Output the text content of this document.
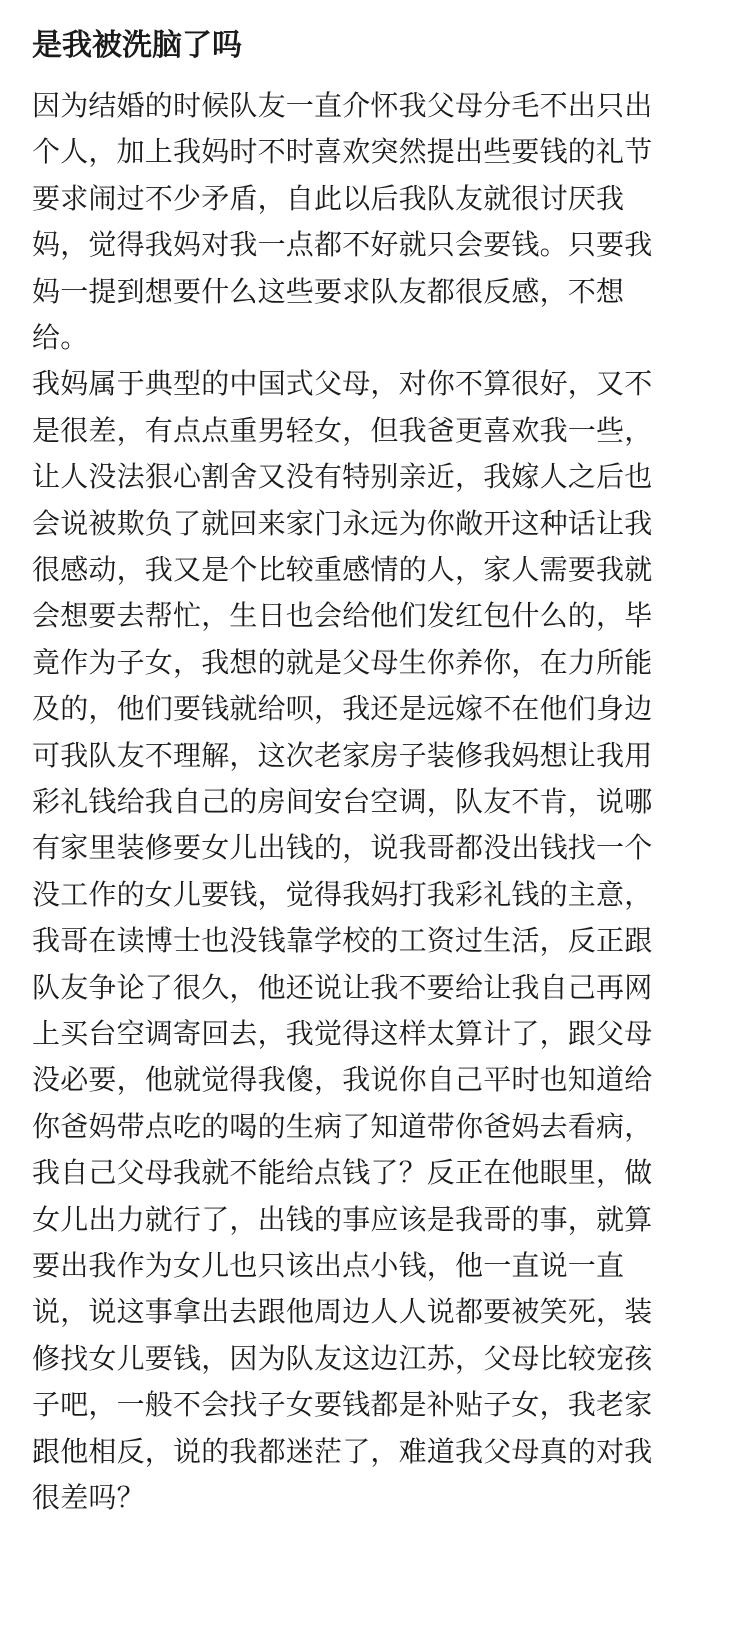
是我被洗脑了吗

因为结婚的时候队友一直介怀我父母分毛不出只出

个人，加上我妈时不时喜欢突然提出些要钱的礼节

要求闹过不少矛盾，自此以后我队友就很讨厌我

妈，觉得我妈对我一点都不好就只会要钱。只要我

妈一提到想要什么这些要求队友都很反感，不想

给。

我妈属于典型的中国式父母，对你不算很好，又不

是很差，有点点重男轻女，但我爸更喜欢我一些，

让人没法狠心割舍又没有特别亲近，我嫁人之后也

会说被欺负了就回来家门永远为你敞开这种话让我

很感动，我又是个比较重感情的人，家人需要我就

会想要去帮忙，生日也会给他们发红包什么的，毕

竟作为子女，我想的就是父母生你养你，在力所能

及的，他们要钱就给呗，我还是远嫁不在他们身边

可我队友不理解，这次老家房子装修我妈想让我用

彩礼钱给我自己的房间安台空调，队友不肯，说哪

有家里装修要女儿出钱的，说我哥都没出钱找一个

没工作的女儿要钱，觉得我妈打我彩礼钱的主意，

我哥在读博士也没钱靠学校的工资过生活，反正跟

队友争论了很久，他还说让我不要给让我自己再网

上买台空调寄回去，我觉得这样太算计了，跟父母

没必要，他就觉得我傻，我说你自己平时也知道给

你爸妈带点吃的喝的生病了知道带你爸妈去看病，

我自己父母我就不能给点钱了？反正在他眼里，做

女儿出力就行了，出钱的事应该是我哥的事，就算

要出我作为女儿也只该出点小钱，他一直说一直

说，说这事拿出去跟他周边人人说都要被笑死，装

修找女儿要钱，因为队友这边江苏，父母比较宠孩

子吧，一般不会找子女要钱都是补贴子女，我老家

跟他相反，说的我都迷茫了，难道我父母真的对我

很差吗？
